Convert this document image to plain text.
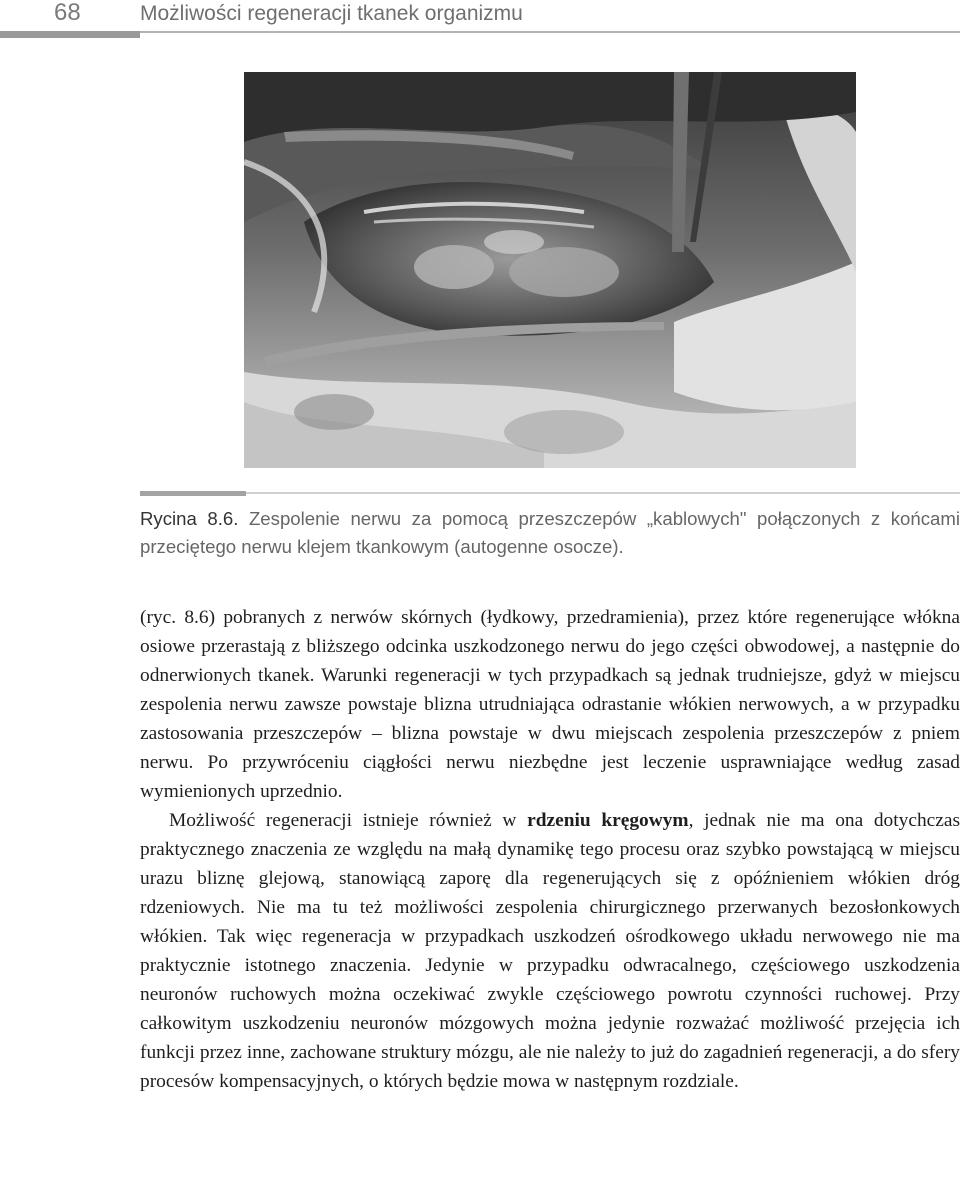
68	Możliwości regeneracji tkanek organizmu
Rycina 8.6. Zespolenie nerwu za pomocą przeszczepów „kablowych" połączonych z końcami przeciętego nerwu klejem tkankowym (autogenne osocze).

(ryc. 8.6) pobranych z nerwów skórnych (łydkowy, przedramienia), przez które regenerujące włókna osiowe przerastają z bliższego odcinka uszkodzonego nerwu do jego części obwodowej, a następnie do odnerwionych tkanek. Warunki regeneracji w tych przypadkach są jednak trudniejsze, gdyż w miejscu zespolenia nerwu zawsze powstaje blizna utrudniająca odrastanie włókien nerwowych, a w przypadku zastosowania przeszczepów – blizna powstaje w dwu miejscach zespolenia przeszczepów z pniem nerwu. Po przywróceniu ciągłości nerwu niezbędne jest leczenie usprawniające według zasad wymienionych uprzednio.

Możliwość regeneracji istnieje również w rdzeniu kręgowym, jednak nie ma ona dotychczas praktycznego znaczenia ze względu na małą dynamikę tego procesu oraz szybko powstającą w miejscu urazu bliznę glejową, stanowiącą zaporę dla regenerujących się z opóźnieniem włókien dróg rdzeniowych. Nie ma tu też możliwości zespolenia chirurgicznego przerwanych bezosłonkowych włókien. Tak więc regeneracja w przypadkach uszkodzeń ośrodkowego układu nerwowego nie ma praktycznie istotnego znaczenia. Jedynie w przypadku odwracalnego, częściowego uszkodzenia neuronów ruchowych można oczekiwać zwykle częściowego powrotu czynności ruchowej. Przy całkowitym uszkodzeniu neuronów mózgowych można jedynie rozważać możliwość przejęcia ich funkcji przez inne, zachowane struktury mózgu, ale nie należy to już do zagadnień regeneracji, a do sfery procesów kompensacyjnych, o których będzie mowa w następnym rozdziale.
